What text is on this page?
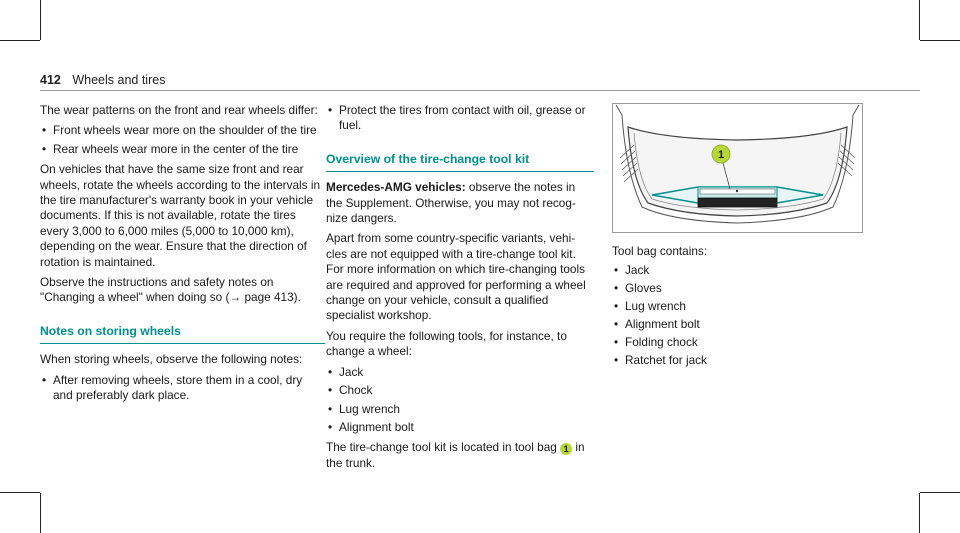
412 Wheels and tires

The wear patterns on the front and rear wheels differ:

• Front wheels wear more on the shoulder of the tire
• Rear wheels wear more in the center of the tire

On vehicles that have the same size front and rear wheels, rotate the wheels according to the intervals in the tire manufacturer's warranty book in your vehicle documents. If this is not available, rotate the tires every 3,000 to 6,000 miles (5,000 to 10,000 km), depending on the wear. Ensure that the direction of rotation is maintained.

Observe the instructions and safety notes on "Changing a wheel" when doing so (→ page 413).

Notes on storing wheels

When storing wheels, observe the following notes:

• After removing wheels, store them in a cool, dry and preferably dark place.
• Protect the tires from contact with oil, grease or fuel.
Overview of the tire-change tool kit

Mercedes-AMG vehicles: observe the notes in the Supplement. Otherwise, you may not recog- nize dangers.

Apart from some country-specific variants, vehi- cles are not equipped with a tire-change tool kit. For more information on which tire-changing tools are required and approved for performing a wheel change on your vehicle, consult a qualified specialist workshop.

You require the following tools, for instance, to change a wheel:

• Jack
• Chock
• Lug wrench
• Alignment bolt

The tire-change tool kit is located in tool bag 1 in the trunk.

1
Tool bag contains:
• Jack
• Gloves
• Lug wrench
• Alignment bolt
• Folding chock
• Ratchet for jack
